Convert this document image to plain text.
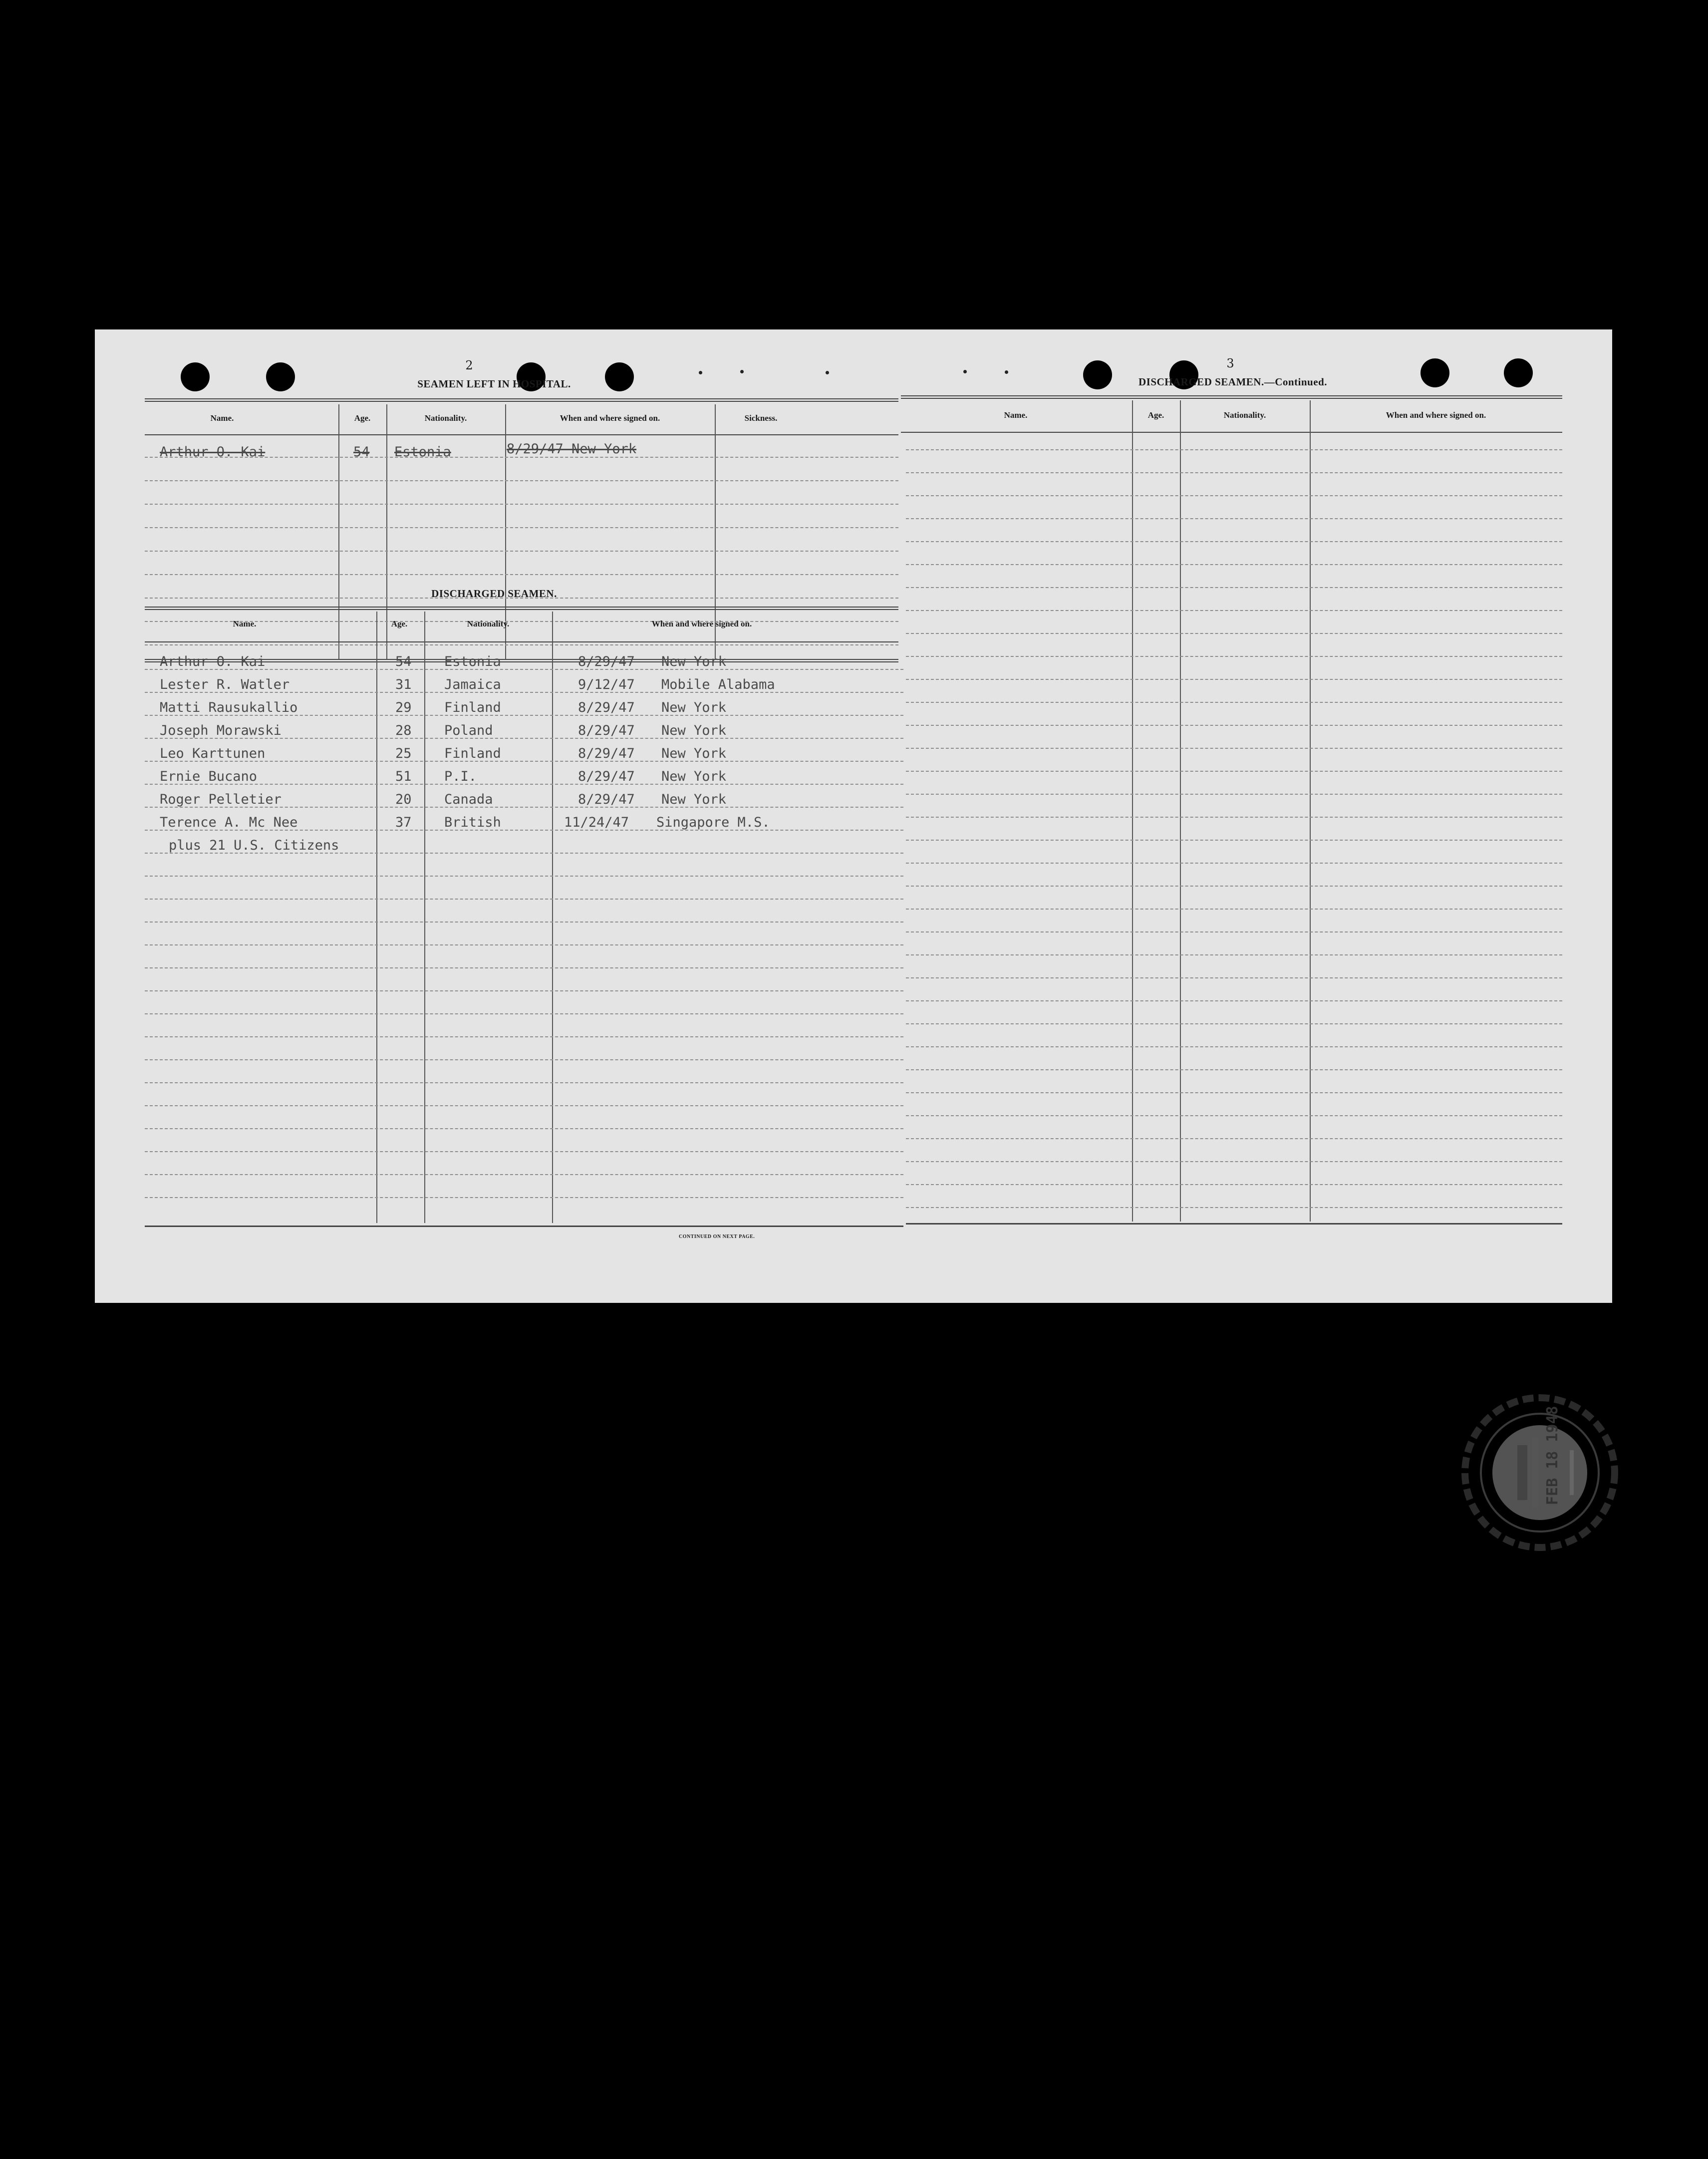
2
SEAMEN LEFT IN HOSPITAL.
Name.	Age.	Nationality.	When and where signed on.	Sickness.
Arthur O. Kai	54 Estonia	8/29/47 New York
DISCHARGED SEAMEN.
Name.	Age.	Nationality.	When and where signed on.
Arthur O. Kai	54 Estonia	8/29/47 New York
Lester R. Watler	31 Jamaica	9/12/47 Mobile Alabama
Matti Rausukallio	29 Finland	8/29/47 New York
Joseph Morawski	28 Poland	8/29/47 New York
Leo Karttunen	25 Finland	8/29/47 New York
Ernie Bucano	51 P.I.	8/29/47 New York
Roger Pelletier	20 Canada	8/29/47 New York
Terence A. Mc Nee	37 British	11/24/47 Singapore M.S.
plus 21 U.S. Citizens
CONTINUED ON NEXT PAGE.
3
DISCHARGED SEAMEN.—Continued.
Name.	Age.	Nationality.	When and where signed on.
FEB 18 1948
